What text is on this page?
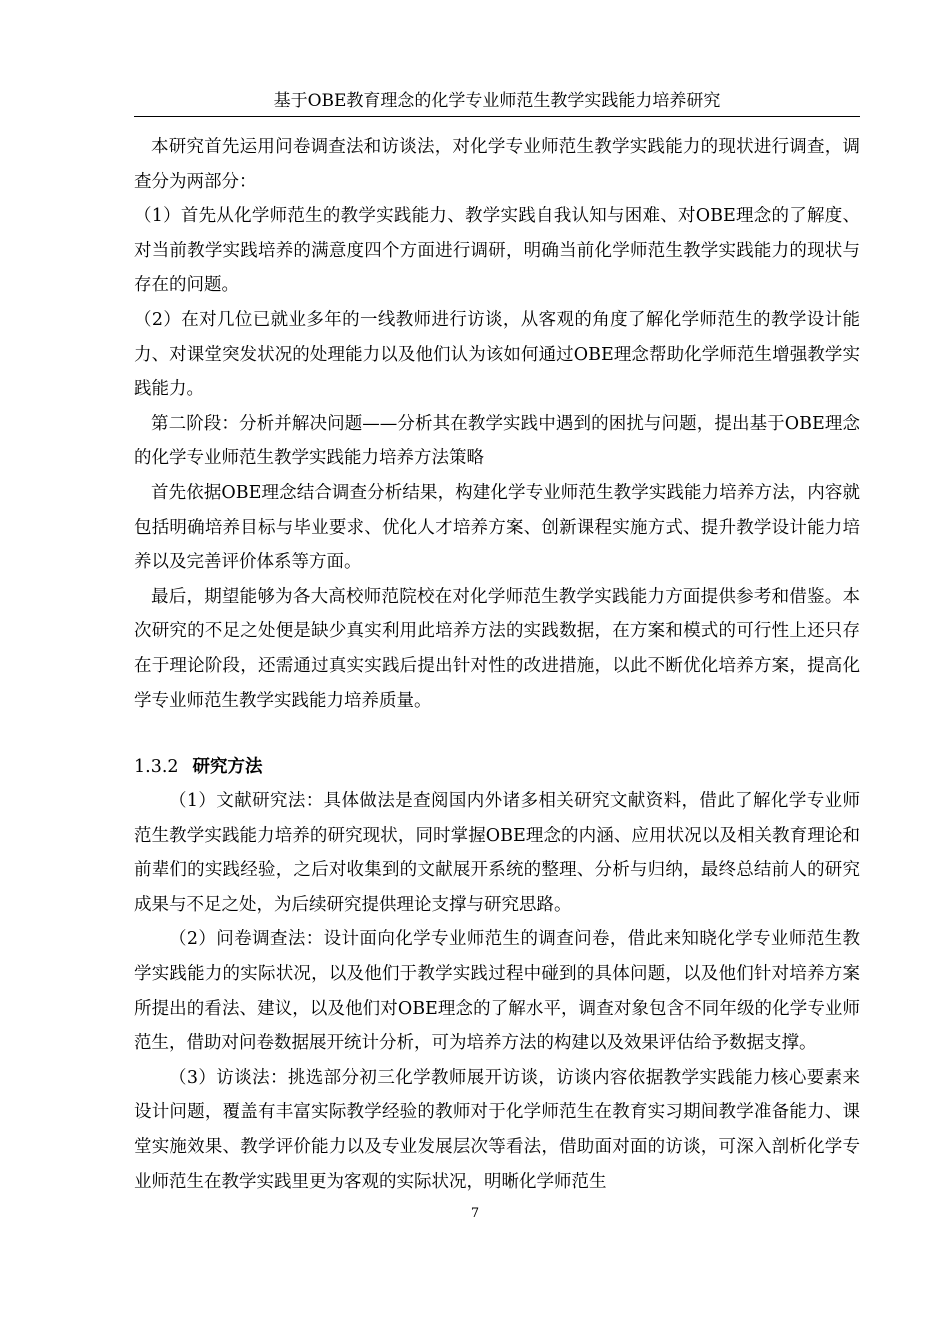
基于OBE教育理念的化学专业师范生教学实践能力培养研究

本研究首先运用问卷调查法和访谈法，对化学专业师范生教学实践能力的现状进行调查，调查分为两部分：

（1）首先从化学师范生的教学实践能力、教学实践自我认知与困难、对OBE理念的了解度、对当前教学实践培养的满意度四个方面进行调研，明确当前化学师范生教学实践能力的现状与存在的问题。

（2）在对几位已就业多年的一线教师进行访谈，从客观的角度了解化学师范生的教学设计能力、对课堂突发状况的处理能力以及他们认为该如何通过OBE理念帮助化学师范生增强教学实践能力。

第二阶段：分析并解决问题——分析其在教学实践中遇到的困扰与问题，提出基于OBE理念的化学专业师范生教学实践能力培养方法策略

首先依据OBE理念结合调查分析结果，构建化学专业师范生教学实践能力培养方法，内容就包括明确培养目标与毕业要求、优化人才培养方案、创新课程实施方式、提升教学设计能力培养以及完善评价体系等方面。

最后，期望能够为各大高校师范院校在对化学师范生教学实践能力方面提供参考和借鉴。本次研究的不足之处便是缺少真实利用此培养方法的实践数据，在方案和模式的可行性上还只存在于理论阶段，还需通过真实实践后提出针对性的改进措施，以此不断优化培养方案，提高化学专业师范生教学实践能力培养质量。

1.3.2 研究方法

（1）文献研究法：具体做法是查阅国内外诸多相关研究文献资料，借此了解化学专业师范生教学实践能力培养的研究现状，同时掌握OBE理念的内涵、应用状况以及相关教育理论和前辈们的实践经验，之后对收集到的文献展开系统的整理、分析与归纳，最终总结前人的研究成果与不足之处，为后续研究提供理论支撑与研究思路。

（2）问卷调查法：设计面向化学专业师范生的调查问卷，借此来知晓化学专业师范生教学实践能力的实际状况，以及他们于教学实践过程中碰到的具体问题，以及他们针对培养方案所提出的看法、建议，以及他们对OBE理念的了解水平，调查对象包含不同年级的化学专业师范生，借助对问卷数据展开统计分析，可为培养方法的构建以及效果评估给予数据支撑。

（3）访谈法：挑选部分初三化学教师展开访谈，访谈内容依据教学实践能力核心要素来设计问题，覆盖有丰富实际教学经验的教师对于化学师范生在教育实习期间教学准备能力、课堂实施效果、教学评价能力以及专业发展层次等看法，借助面对面的访谈，可深入剖析化学专业师范生在教学实践里更为客观的实际状况，明晰化学师范生

7
